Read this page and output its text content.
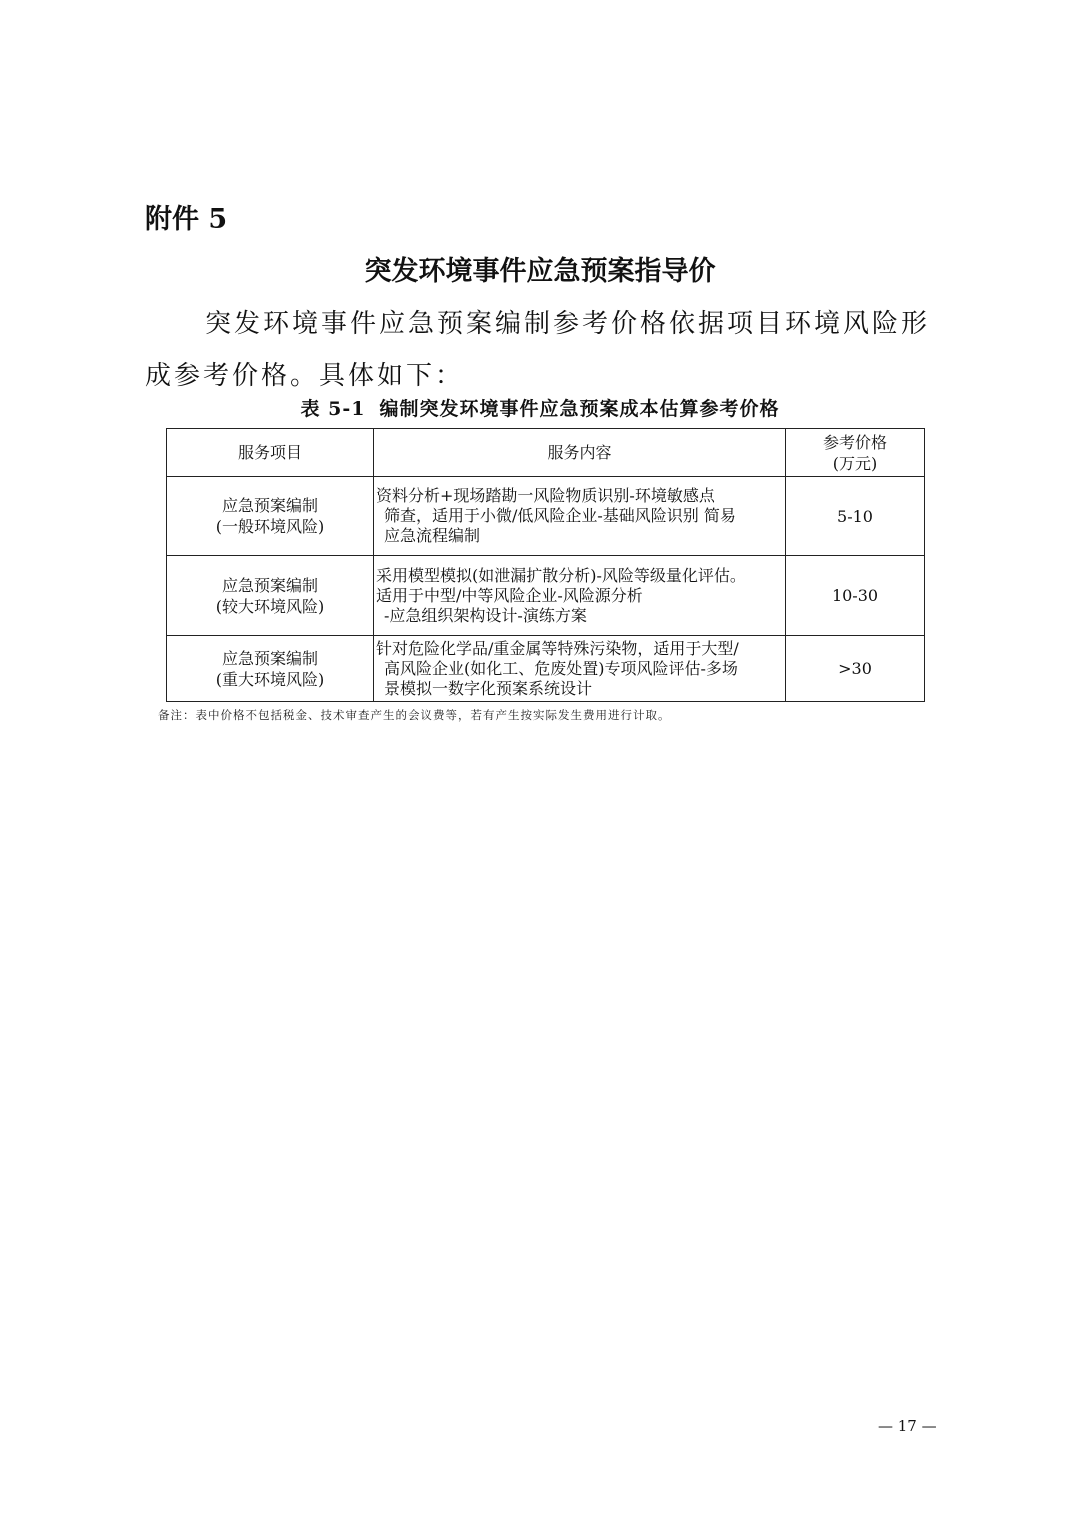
附件 5
突发环境事件应急预案指导价

突发环境事件应急预案编制参考价格依据项目环境风险形成参考价格。具体如下：

表 5-1 编制突发环境事件应急预案成本估算参考价格
服务项目	服务内容	参考价格
(万元)

应急预案编制
(一般环境风险)	资料分析+现场踏勘一风险物质识别-环境敏感点
筛查，适用于小微/低风险企业-基础风险识别 简易
应急流程编制	5-10

应急预案编制
(较大环境风险)	采用模型模拟(如泄漏扩散分析)-风险等级量化评估。
适用于中型/中等风险企业-风险源分析
-应急组织架构设计-演练方案	10-30

应急预案编制
(重大环境风险)	针对危险化学品/重金属等特殊污染物，适用于大型/
高风险企业(如化工、危废处置)专项风险评估-多场
景模拟一数字化预案系统设计	>30
备注：表中价格不包括税金、技术审查产生的会议费等，若有产生按实际发生费用进行计取。
— 17 —
